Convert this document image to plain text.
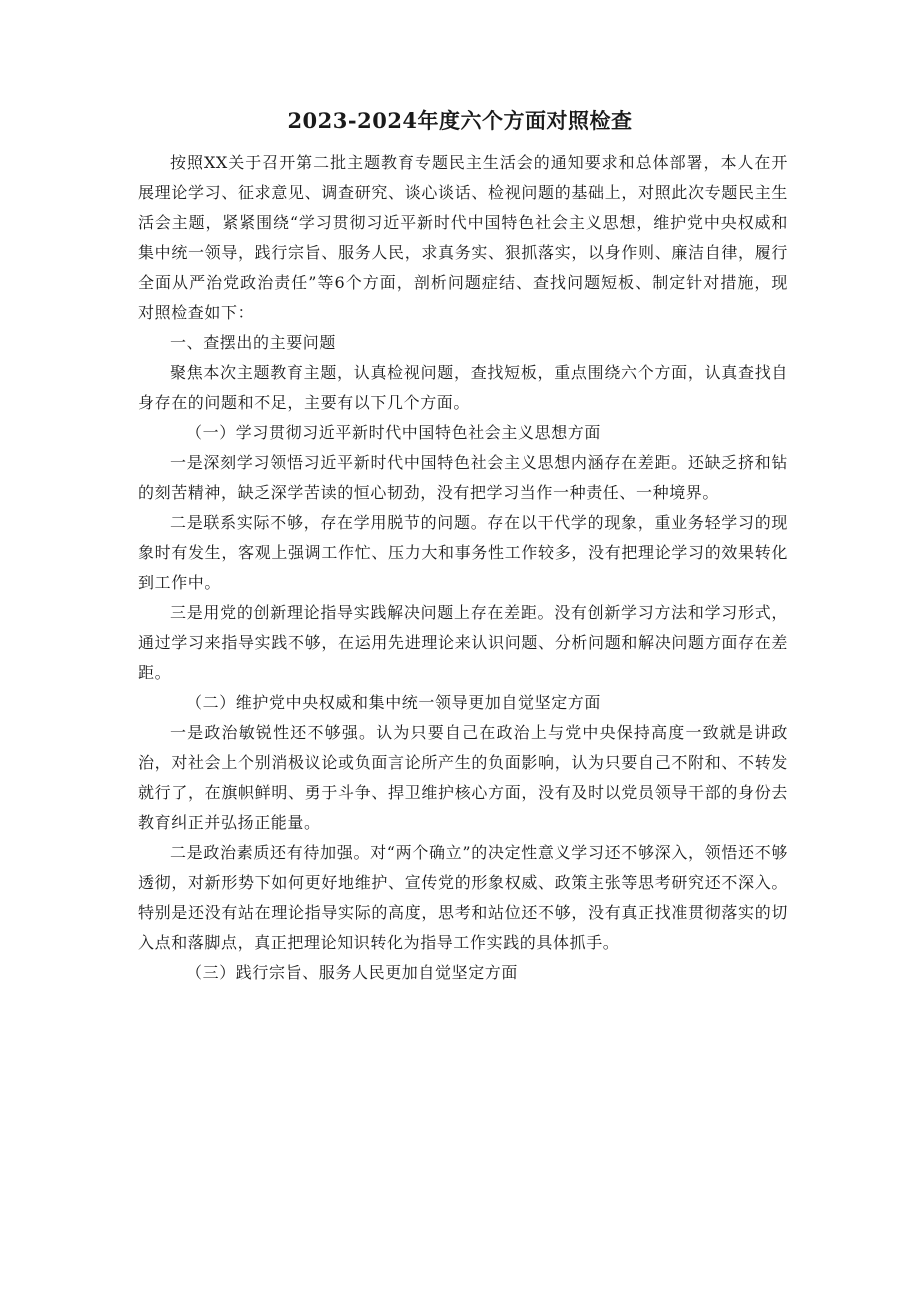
2023-2024年度六个方面对照检查

按照XX关于召开第二批主题教育专题民主生活会的通知要求和总体部署，本人在开展理论学习、征求意见、调查研究、谈心谈话、检视问题的基础上，对照此次专题民主生活会主题，紧紧围绕“学习贯彻习近平新时代中国特色社会主义思想，维护党中央权威和集中统一领导，践行宗旨、服务人民，求真务实、狠抓落实，以身作则、廉洁自律，履行全面从严治党政治责任”等6个方面，剖析问题症结、查找问题短板、制定针对措施，现对照检查如下：

一、查摆出的主要问题

聚焦本次主题教育主题，认真检视问题，查找短板，重点围绕六个方面，认真查找自身存在的问题和不足，主要有以下几个方面。

（一）学习贯彻习近平新时代中国特色社会主义思想方面

一是深刻学习领悟习近平新时代中国特色社会主义思想内涵存在差距。还缺乏挤和钻的刻苦精神，缺乏深学苦读的恒心韧劲，没有把学习当作一种责任、一种境界。

二是联系实际不够，存在学用脱节的问题。存在以干代学的现象，重业务轻学习的现象时有发生，客观上强调工作忙、压力大和事务性工作较多，没有把理论学习的效果转化到工作中。

三是用党的创新理论指导实践解决问题上存在差距。没有创新学习方法和学习形式，通过学习来指导实践不够，在运用先进理论来认识问题、分析问题和解决问题方面存在差距。

（二）维护党中央权威和集中统一领导更加自觉坚定方面

一是政治敏锐性还不够强。认为只要自己在政治上与党中央保持高度一致就是讲政治，对社会上个别消极议论或负面言论所产生的负面影响，认为只要自己不附和、不转发就行了，在旗帜鲜明、勇于斗争、捍卫维护核心方面，没有及时以党员领导干部的身份去教育纠正并弘扬正能量。

二是政治素质还有待加强。对“两个确立”的决定性意义学习还不够深入，领悟还不够透彻，对新形势下如何更好地维护、宣传党的形象权威、政策主张等思考研究还不深入。特别是还没有站在理论指导实际的高度，思考和站位还不够，没有真正找准贯彻落实的切入点和落脚点，真正把理论知识转化为指导工作实践的具体抓手。

（三）践行宗旨、服务人民更加自觉坚定方面
